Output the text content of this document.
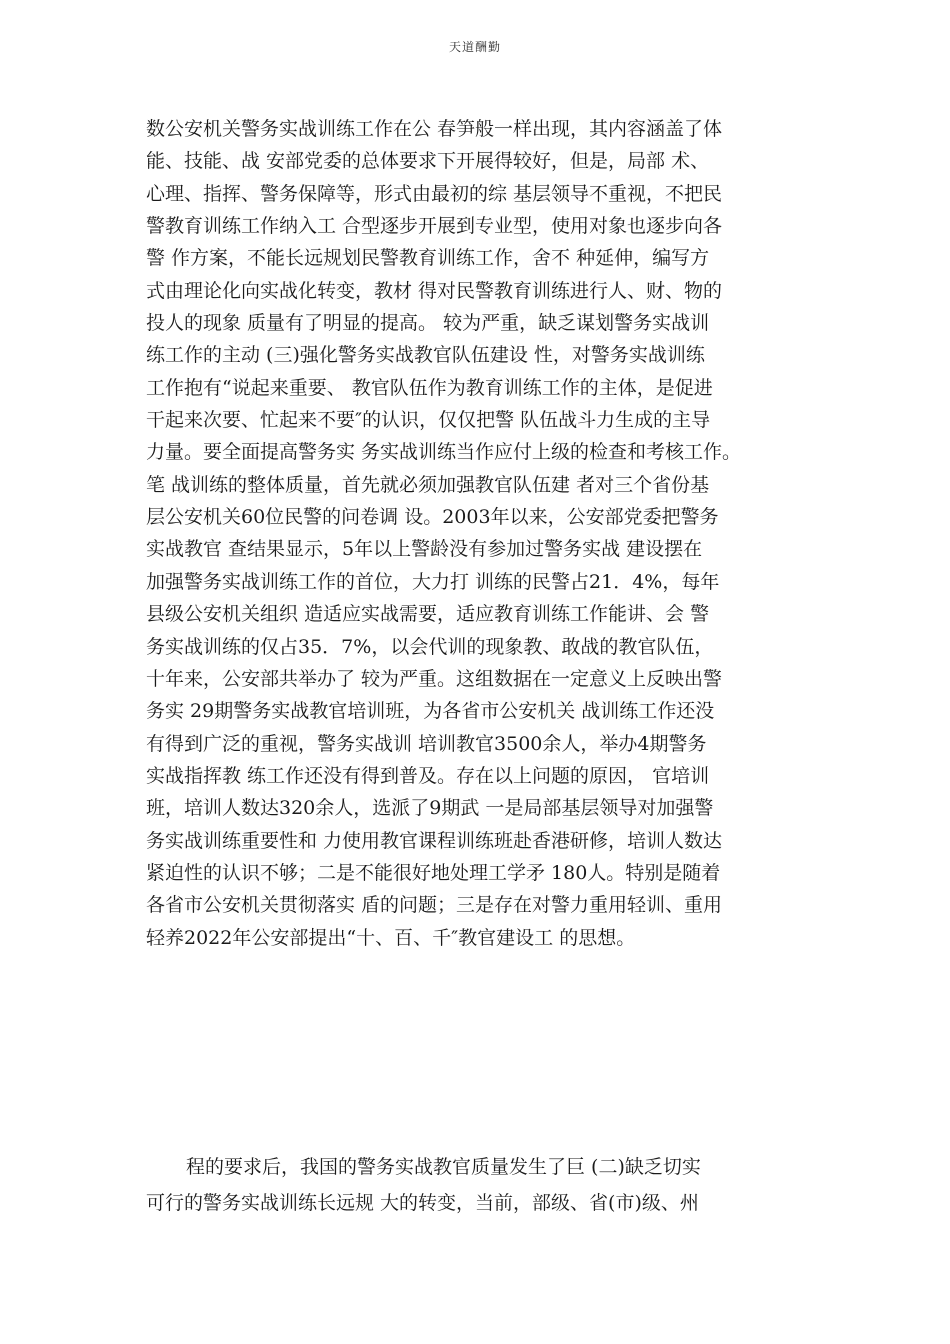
天道酬勤
数公安机关警务实战训练工作在公 春笋般一样出现，其内容涵盖了体
能、技能、战 安部党委的总体要求下开展得较好，但是，局部 术、
心理、指挥、警务保障等，形式由最初的综 基层领导不重视，不把民
警教育训练工作纳入工 合型逐步开展到专业型，使用对象也逐步向各
警 作方案，不能长远规划民警教育训练工作，舍不 种延伸，编写方
式由理论化向实战化转变，教材 得对民警教育训练进行人、财、物的
投人的现象 质量有了明显的提高。 较为严重，缺乏谋划警务实战训
练工作的主动 (三)强化警务实战教官队伍建设 性，对警务实战训练
工作抱有“说起来重要、 教官队伍作为教育训练工作的主体，是促进
干起来次要、忙起来不要″的认识，仅仅把警 队伍战斗力生成的主导
力量。要全面提高警务实 务实战训练当作应付上级的检查和考核工作。
笔 战训练的整体质量，首先就必须加强教官队伍建 者对三个省份基
层公安机关60位民警的问卷调 设。2003年以来，公安部党委把警务
实战教官 查结果显示，5年以上警龄没有参加过警务实战 建设摆在
加强警务实战训练工作的首位，大力打 训练的民警占21．4%，每年
县级公安机关组织 造适应实战需要，适应教育训练工作能讲、会 警
务实战训练的仅占35．7%，以会代训的现象教、敢战的教官队伍，
十年来，公安部共举办了 较为严重。这组数据在一定意义上反映出警
务实 29期警务实战教官培训班，为各省市公安机关 战训练工作还没
有得到广泛的重视，警务实战训 培训教官3500余人，举办4期警务
实战指挥教 练工作还没有得到普及。存在以上问题的原因， 官培训
班，培训人数达320余人，选派了9期武 一是局部基层领导对加强警
务实战训练重要性和 力使用教官课程训练班赴香港研修，培训人数达
紧迫性的认识不够；二是不能很好地处理工学矛 180人。特别是随着
各省市公安机关贯彻落实 盾的问题；三是存在对警力重用轻训、重用
轻养2022年公安部提出“十、百、千″教官建设工 的思想。
程的要求后，我国的警务实战教官质量发生了巨 (二)缺乏切实
可行的警务实战训练长远规 大的转变，当前，部级、省(市)级、州
